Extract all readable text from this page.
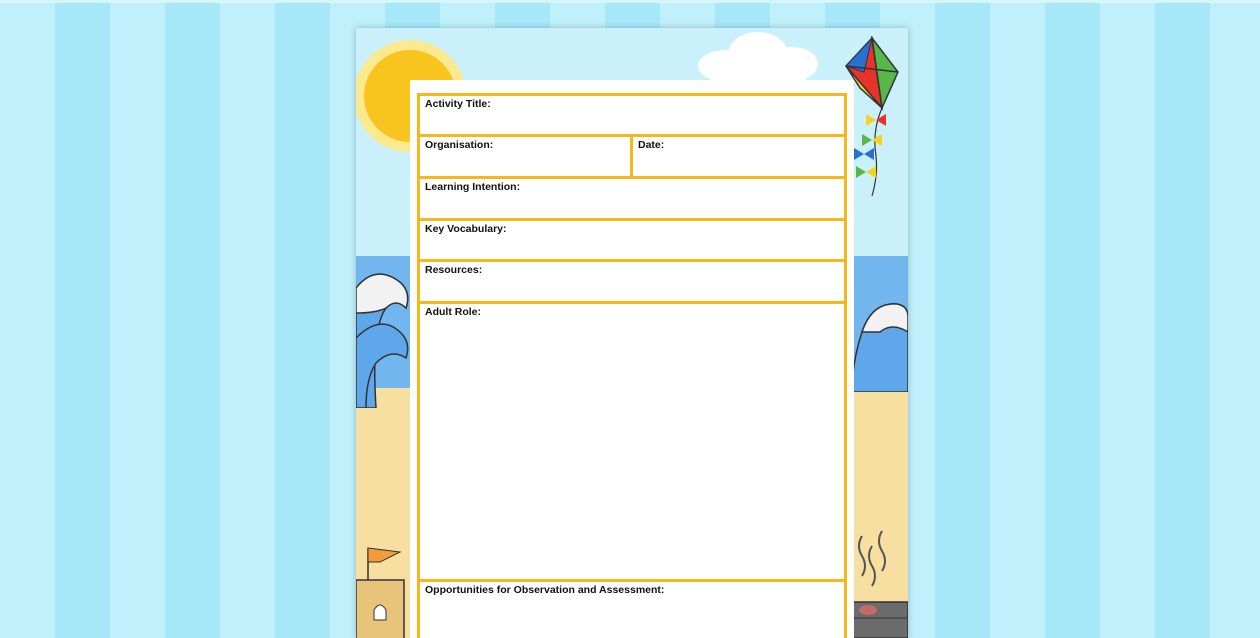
Activity Title:
Organisation:	Date:
Learning Intention:
Key Vocabulary:
Resources:
Adult Role:
Opportunities for Observation and Assessment:
